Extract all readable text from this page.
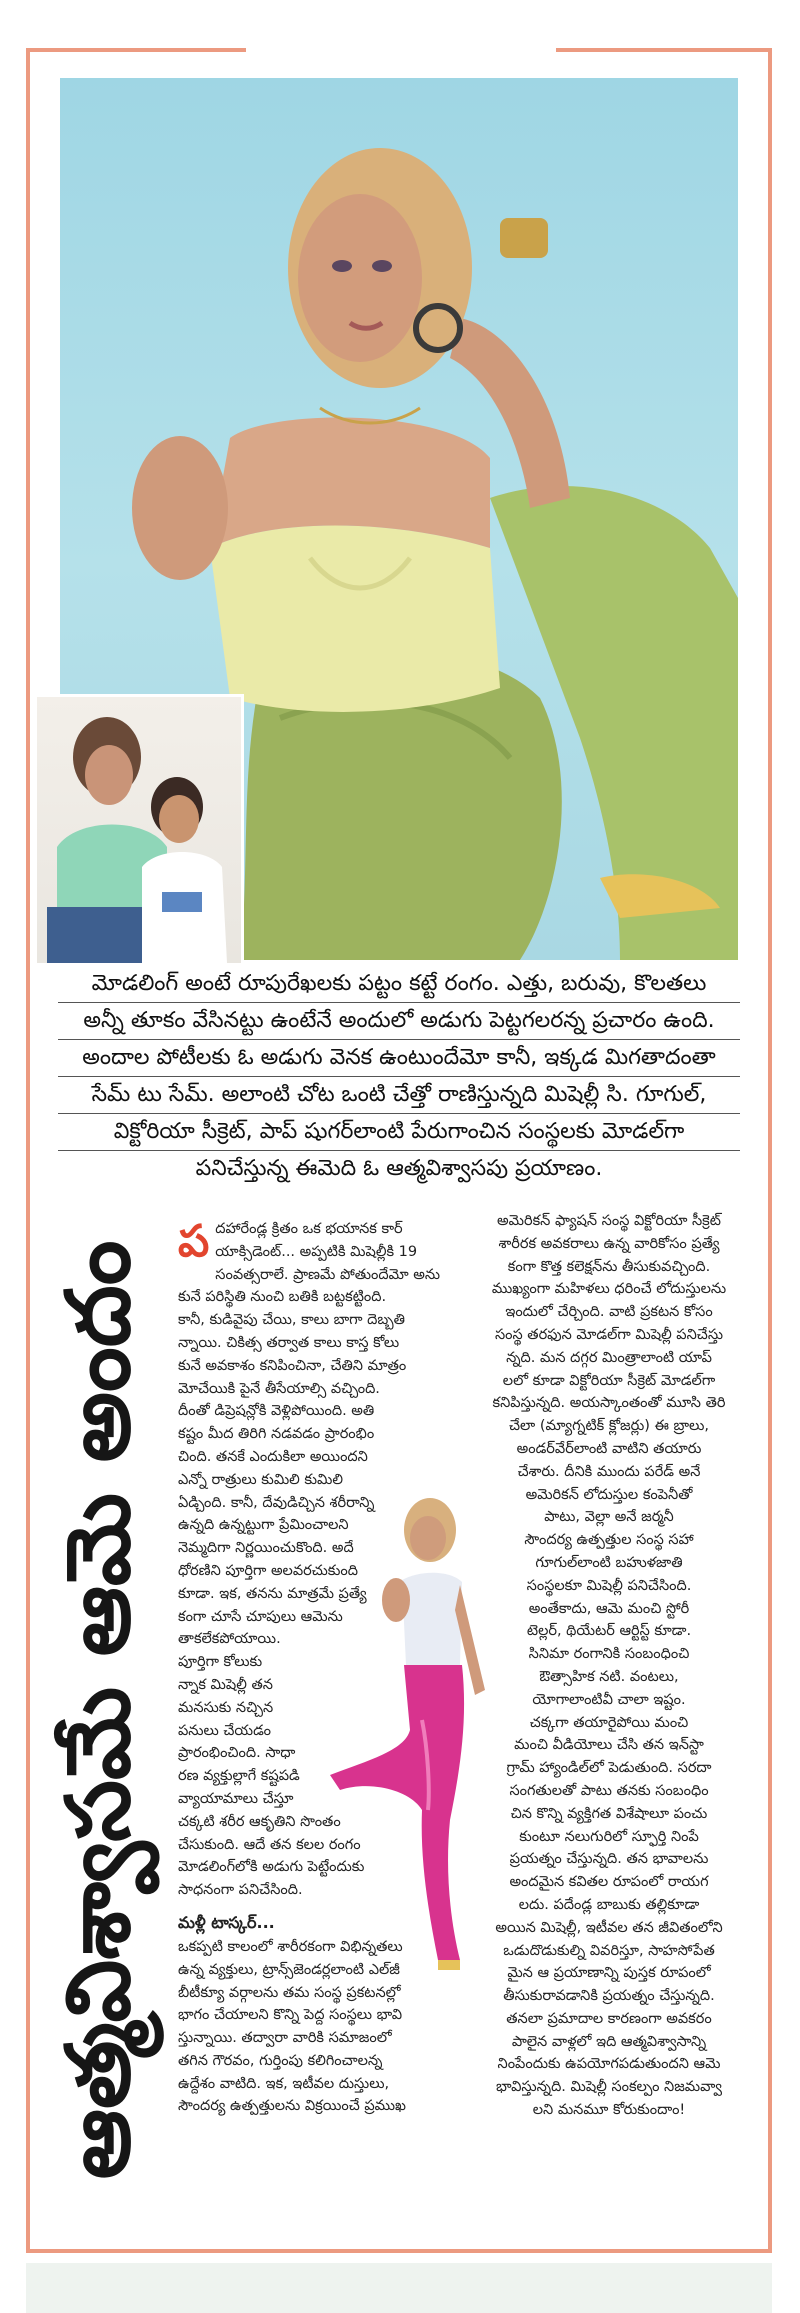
మోడలింగ్ అంటే రూపురేఖలకు పట్టం కట్టే రంగం. ఎత్తు, బరువు, కొలతలు
అన్నీ తూకం వేసినట్టు ఉంటేనే అందులో అడుగు పెట్టగలరన్న ప్రచారం ఉంది.
అందాల పోటీలకు ఓ అడుగు వెనక ఉంటుందేమో కానీ, ఇక్కడ మిగతాదంతా
సేమ్ టు సేమ్. అలాంటి చోట ఒంటి చేత్తో రాణిస్తున్నది మిషెల్లీ సి. గూగుల్,
విక్టోరియా సీక్రెట్, పాప్ షుగర్‌లాంటి పేరుగాంచిన సంస్థలకు మోడల్‌గా
పనిచేస్తున్న ఈమెది ఓ ఆత్మవిశ్వాసపు ప్రయాణం.
ఆత్మవిశ్వాసమే ఆమె అందం ప దహారేండ్ల క్రితం ఒక భయానక కార్
యాక్సిడెంట్... అప్పటికి మిషెల్లీకి 19
సంవత్సరాలే. ప్రాణమే పోతుందేమో అను
కునే పరిస్థితి నుంచి బతికి బట్టకట్టింది.
కానీ, కుడివైపు చేయి, కాలు బాగా దెబ్బతి
న్నాయి. చికిత్స తర్వాత కాలు కాస్త కోలు
కునే అవకాశం కనిపించినా, చేతిని మాత్రం
మోచేయికి పైనే తీసేయాల్సి వచ్చింది.
దీంతో డిప్రెషన్లోకి వెళ్లిపోయింది. అతి
కష్టం మీద తిరిగి నడవడం ప్రారంభిం
చింది. తనకే ఎందుకిలా అయిందని
ఎన్నో రాత్రులు కుమిలి కుమిలి
ఏడ్చింది. కానీ, దేవుడిచ్చిన శరీరాన్ని
ఉన్నది ఉన్నట్టుగా ప్రేమించాలని
నెమ్మదిగా నిర్ణయించుకొంది. అదే
ధోరణిని పూర్తిగా అలవరచుకుంది
కూడా. ఇక, తనను మాత్రమే ప్రత్యే
కంగా చూసే చూపులు ఆమెను
తాకలేకపోయాయి.
పూర్తిగా కోలుకు
న్నాక మిషెల్లీ తన
మనసుకు నచ్చిన
పనులు చేయడం
ప్రారంభించింది. సాధా
రణ వ్యక్తుల్లాగే కష్టపడి
వ్యాయామాలు చేస్తూ
చక్కటి శరీర ఆకృతిని సొంతం
చేసుకుంది. ఆదే తన కలల రంగం
మోడలింగ్‌లోకి అడుగు పెట్టేందుకు
సాధనంగా పనిచేసింది.
మళ్లీ టాస్కర్...
ఒకప్పటి కాలంలో శారీరకంగా విభిన్నతలు
ఉన్న వ్యక్తులు, ట్రాన్స్‌జెండర్లలాంటి ఎల్‌జీ
బీటీక్యూ వర్గాలను తమ సంస్థ ప్రకటనల్లో
భాగం చేయాలని కొన్ని పెద్ద సంస్థలు భావి
స్తున్నాయి. తద్వారా వారికి సమాజంలో
తగిన గౌరవం, గుర్తింపు కలిగించాలన్న
ఉద్దేశం వాటిది. ఇక, ఇటీవల దుస్తులు,
సౌందర్య ఉత్పత్తులను విక్రయించే ప్రముఖ
అమెరికన్ ఫ్యాషన్ సంస్థ విక్టోరియా సీక్రెట్
శారీరక అవకరాలు ఉన్న వారికోసం ప్రత్యే
కంగా కొత్త కలెక్షన్‌ను తీసుకువచ్చింది.
ముఖ్యంగా మహిళలు ధరించే లోదుస్తులను
ఇందులో చేర్చింది. వాటి ప్రకటన కోసం
సంస్థ తరఫున మోడల్‌గా మిషెల్లీ పనిచేస్తు
న్నది. మన దగ్గర మింత్రాలాంటి యాప్
లలో కూడా విక్టోరియా సీక్రెట్ మోడల్‌గా
కనిపిస్తున్నది. అయస్కాంతంతో మూసి తెరి
చేలా (మ్యాగ్నటిక్ క్లోజర్లు) ఈ బ్రాలు,
అండర్‌వేర్‌లాంటి వాటిని తయారు
చేశారు. దీనికి ముందు పరేడ్ అనే
అమెరికన్ లోదుస్తుల కంపెనీతో
పాటు, వెల్లా అనే జర్మనీ
సౌందర్య ఉత్పత్తుల సంస్థ సహా
గూగుల్‌లాంటి బహుళజాతి
సంస్థలకూ మిషెల్లీ పనిచేసింది.
అంతేకాదు, ఆమె మంచి స్టోరీ
టెల్లర్, థియేటర్ ఆర్టిస్ట్ కూడా.
సినిమా రంగానికి సంబంధించి
ఔత్సాహిక నటి. వంటలు,
యోగాలాంటివీ చాలా ఇష్టం.
చక్కగా తయారైపోయి మంచి
మంచి వీడియోలు చేసి తన ఇన్‌స్టా
గ్రామ్ హ్యాండిల్‌లో పెడుతుంది. సరదా
సంగతులతో పాటు తనకు సంబంధిం
చిన కొన్ని వ్యక్తిగత విశేషాలూ పంచు
కుంటూ నలుగురిలో స్ఫూర్తి నింపే
ప్రయత్నం చేస్తున్నది. తన భావాలను
అందమైన కవితల రూపంలో రాయగ
లదు. పదేండ్ల బాబుకు తల్లికూడా
అయిన మిషెల్లీ, ఇటీవల తన జీవితంలోని
ఒడుదొడుకుల్ని వివరిస్తూ, సాహసోపేత
మైన ఆ ప్రయాణాన్ని పుస్తక రూపంలో
తీసుకురావడానికి ప్రయత్నం చేస్తున్నది.
తనలా ప్రమాదాల కారణంగా అవకరం
పాలైన వాళ్లలో ఇది ఆత్మవిశ్వాసాన్ని
నింపేందుకు ఉపయోగపడుతుందని ఆమె
భావిస్తున్నది. మిషెల్లీ సంకల్పం నిజమవ్వా
లని మనమూ కోరుకుందాం!
